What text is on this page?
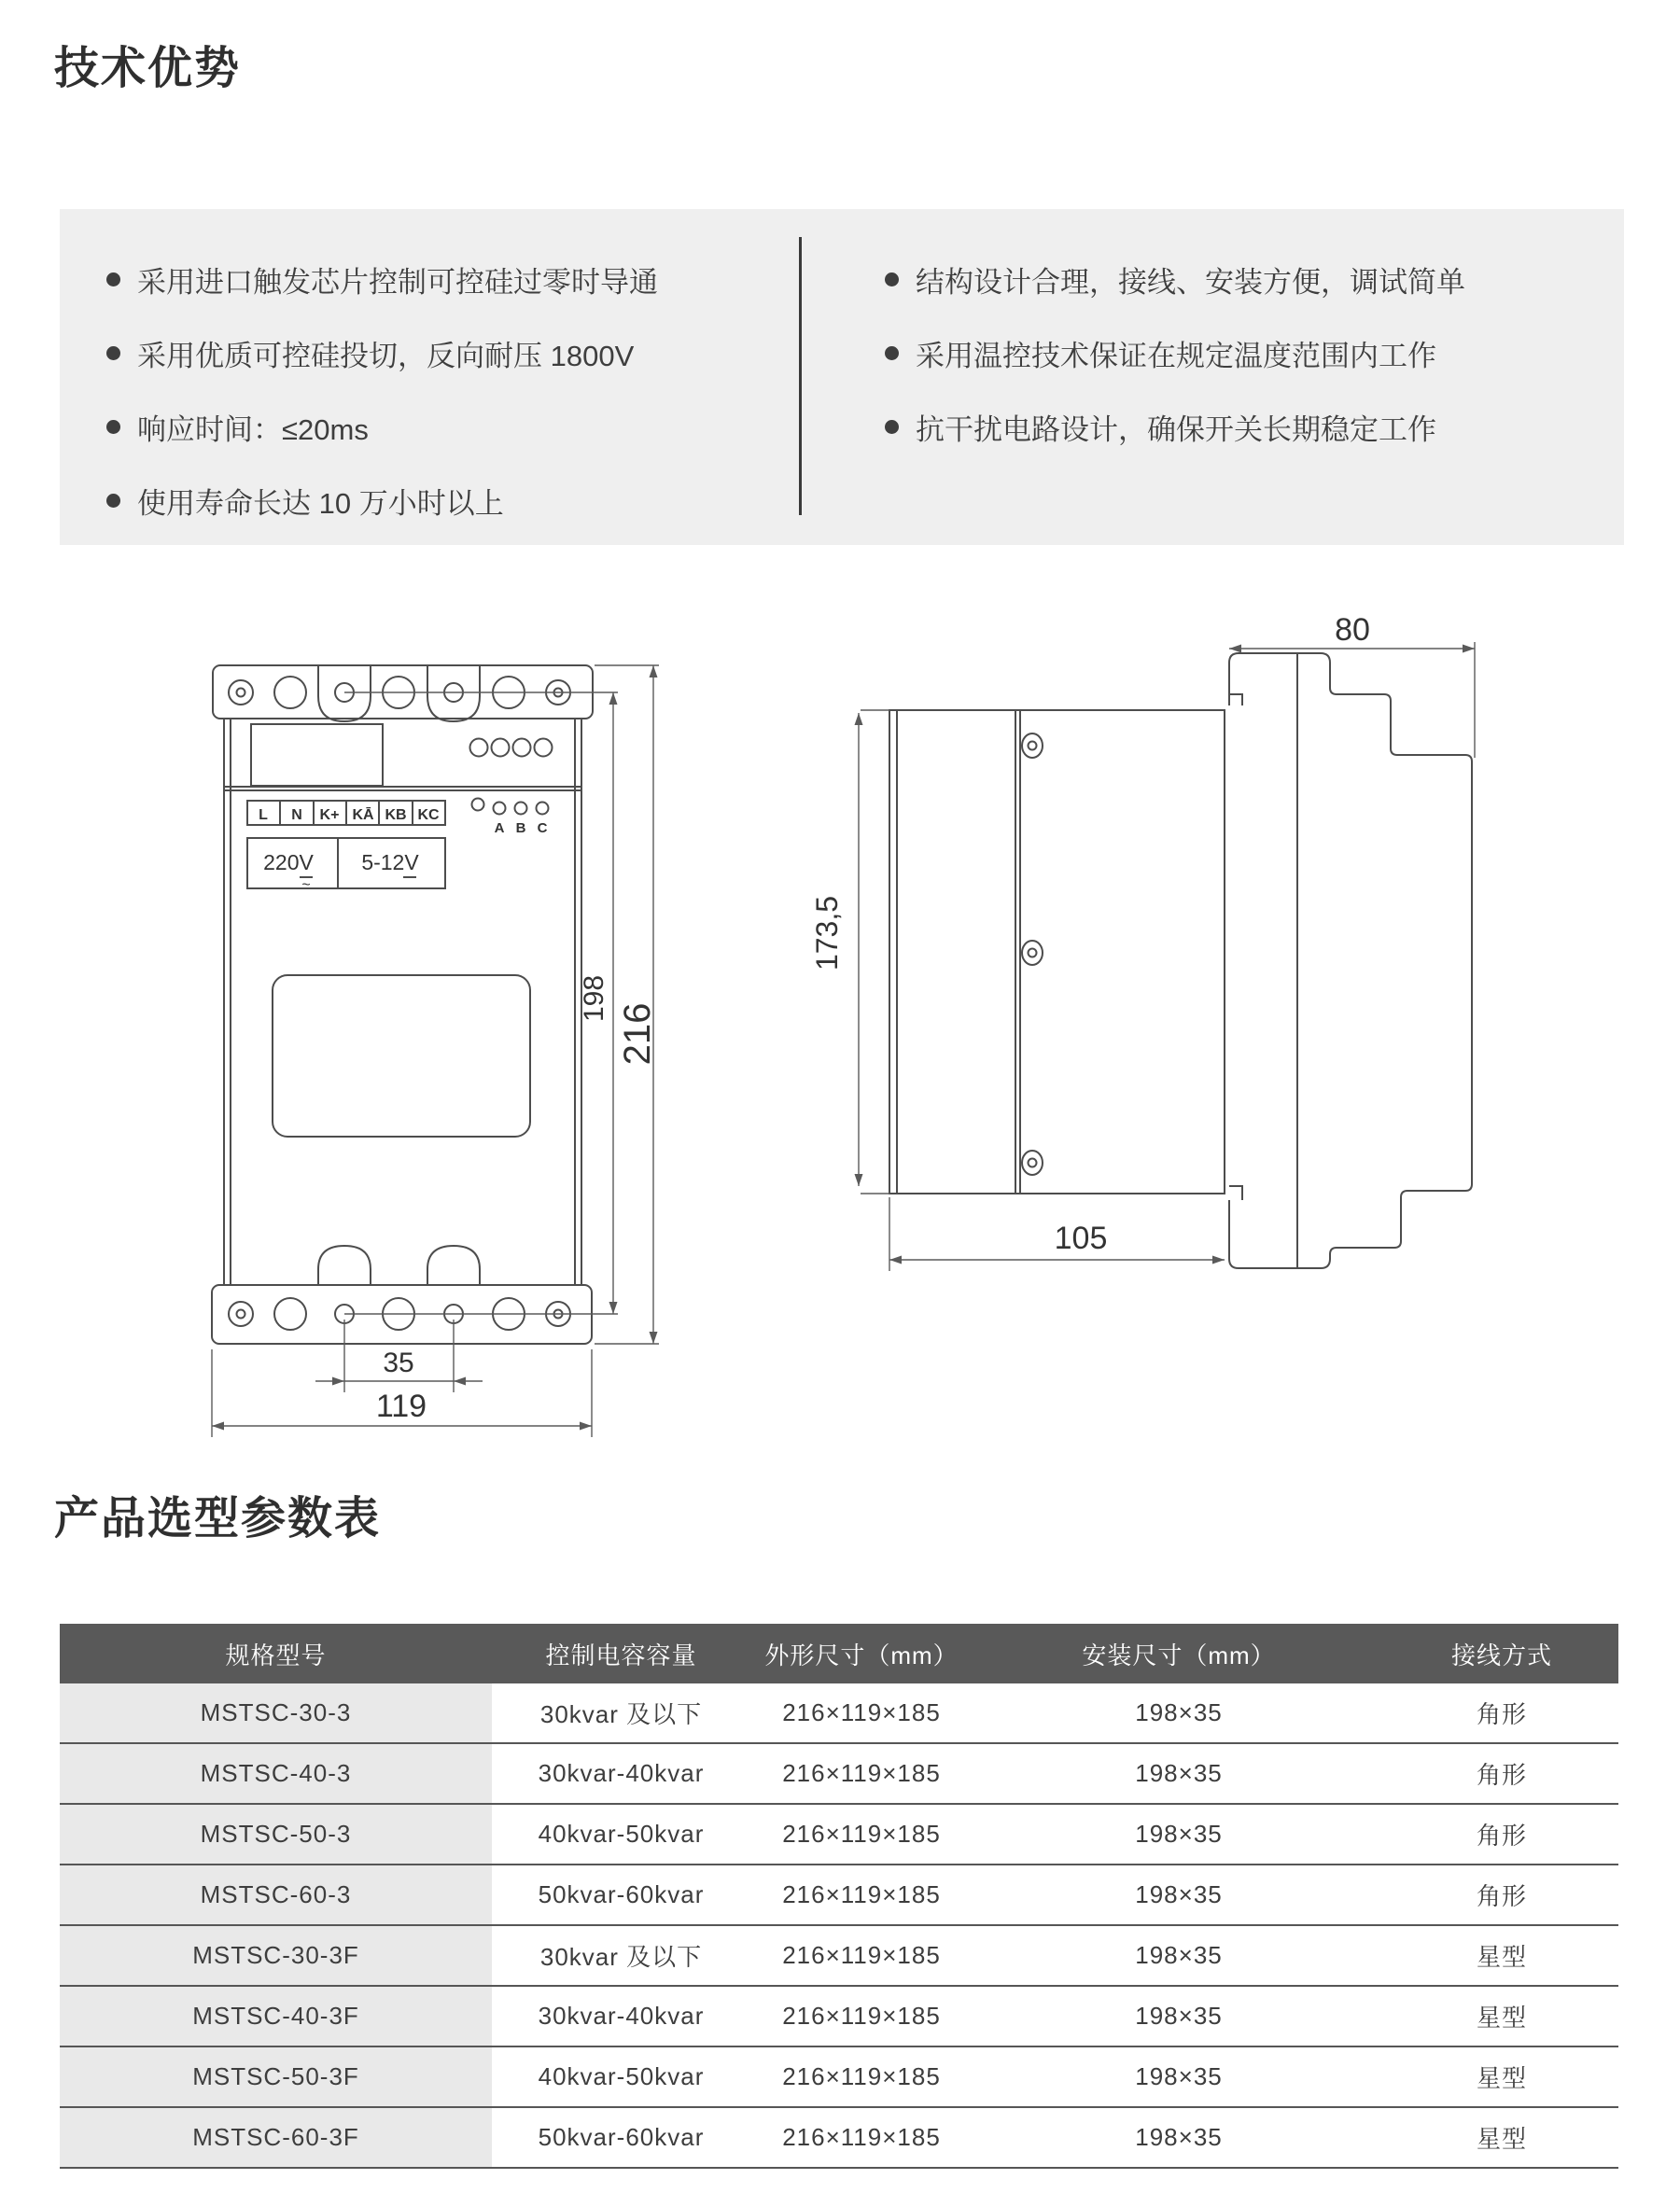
技术优势
采用进口触发芯片控制可控硅过零时导通
采用优质可控硅投切，反向耐压 1800V
响应时间：≤20ms
使用寿命长达 10 万小时以上
结构设计合理，接线、安装方便，调试简单
采用温控技术保证在规定温度范围内工作
抗干扰电路设计，确保开关长期稳定工作
L N K+ KĀ KB KC
A B C
220V
~
5-12V
198
216
35
119
80
173,5
105
产品选型参数表
规格型号	控制电容容量	外形尺寸（mm）	安装尺寸（mm）	接线方式
MSTSC-30-3	30kvar 及以下	216×119×185	198×35	角形
MSTSC-40-3	30kvar-40kvar	216×119×185	198×35	角形
MSTSC-50-3	40kvar-50kvar	216×119×185	198×35	角形
MSTSC-60-3	50kvar-60kvar	216×119×185	198×35	角形
MSTSC-30-3F	30kvar 及以下	216×119×185	198×35	星型
MSTSC-40-3F	30kvar-40kvar	216×119×185	198×35	星型
MSTSC-50-3F	40kvar-50kvar	216×119×185	198×35	星型
MSTSC-60-3F	50kvar-60kvar	216×119×185	198×35	星型
